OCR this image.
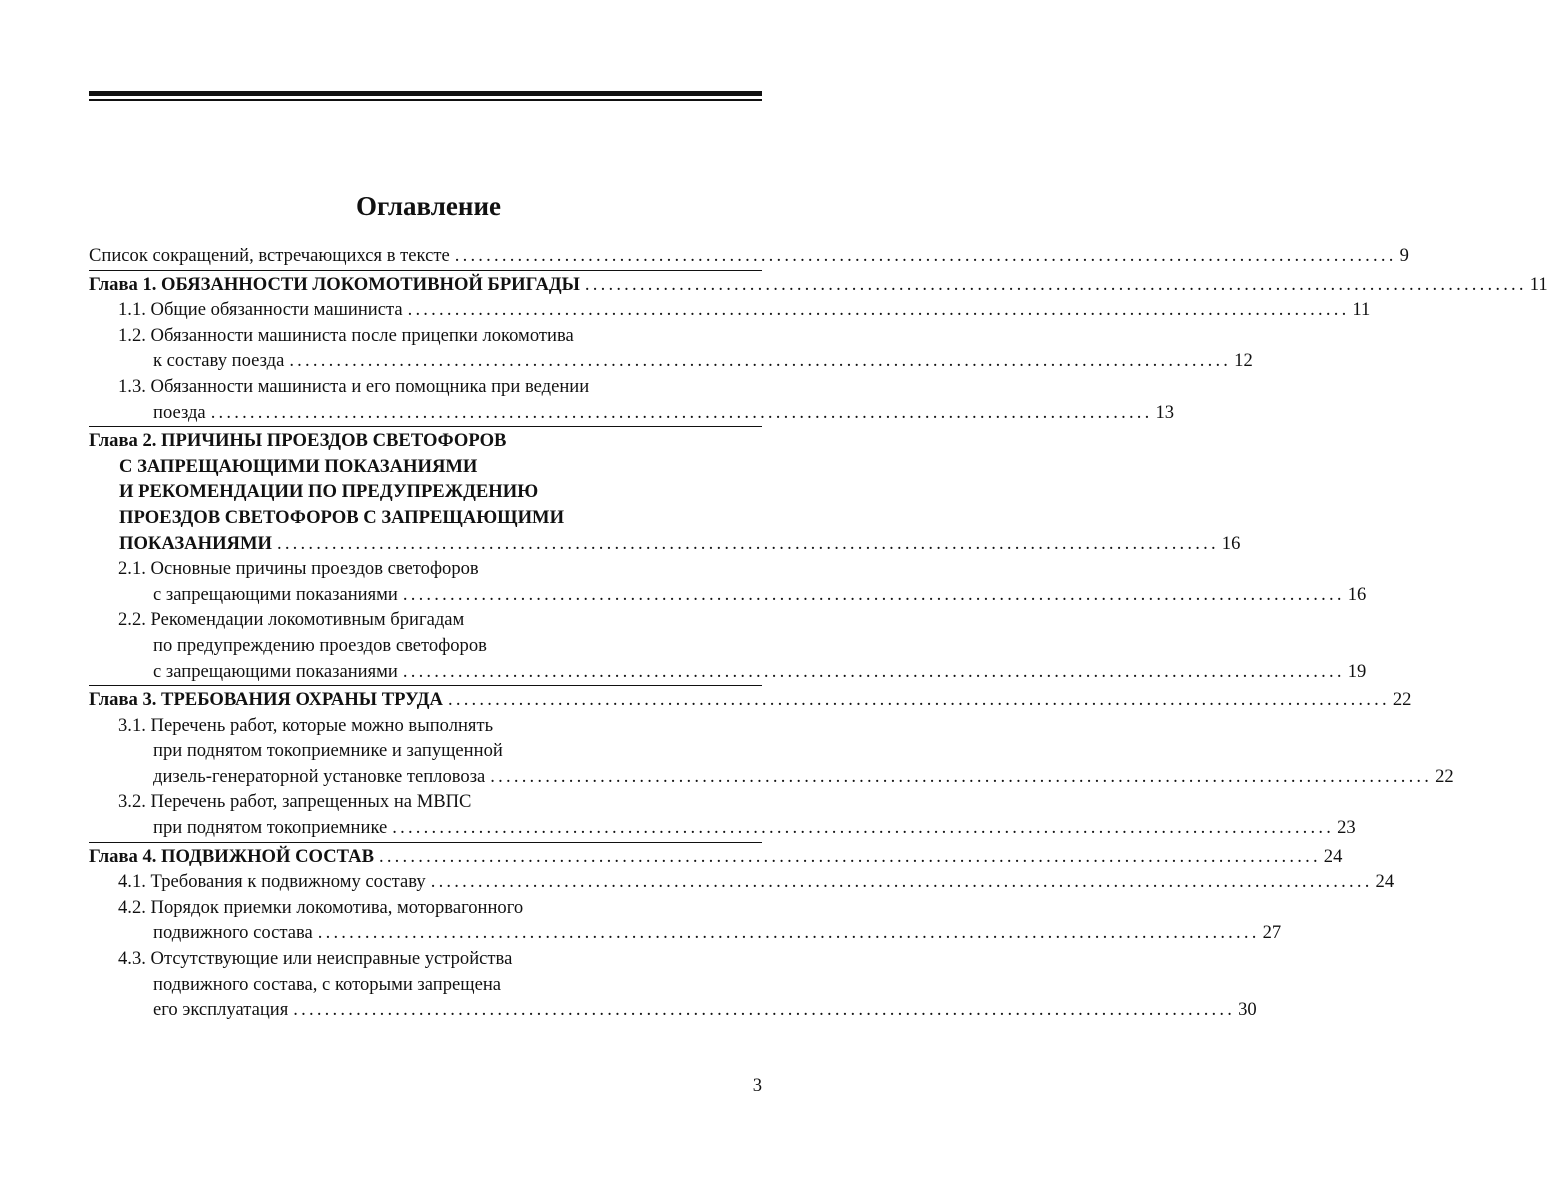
Оглавление
Список сокращений, встречающихся в тексте ........................................................................................................................ 9
Глава 1. ОБЯЗАННОСТИ ЛОКОМОТИВНОЙ БРИГАДЫ ........................................................................................................................ 11
1.1. Общие обязанности машиниста ........................................................................................................................ 11
1.2. Обязанности машиниста после прицепки локомотива
к составу поезда ........................................................................................................................ 12
1.3. Обязанности машиниста и его помощника при ведении
поезда ........................................................................................................................ 13
Глава 2. ПРИЧИНЫ ПРОЕЗДОВ СВЕТОФОРОВ
С ЗАПРЕЩАЮЩИМИ ПОКАЗАНИЯМИ
И РЕКОМЕНДАЦИИ ПО ПРЕДУПРЕЖДЕНИЮ
ПРОЕЗДОВ СВЕТОФОРОВ С ЗАПРЕЩАЮЩИМИ
ПОКАЗАНИЯМИ ........................................................................................................................ 16
2.1. Основные причины проездов светофоров
с запрещающими показаниями ........................................................................................................................ 16
2.2. Рекомендации локомотивным бригадам
по предупреждению проездов светофоров
с запрещающими показаниями ........................................................................................................................ 19
Глава 3. ТРЕБОВАНИЯ ОХРАНЫ ТРУДА ........................................................................................................................ 22
3.1. Перечень работ, которые можно выполнять
при поднятом токоприемнике и запущенной
дизель-генераторной установке тепловоза ........................................................................................................................ 22
3.2. Перечень работ, запрещенных на МВПС
при поднятом токоприемнике ........................................................................................................................ 23
Глава 4. ПОДВИЖНОЙ СОСТАВ ........................................................................................................................ 24
4.1. Требования к подвижному составу ........................................................................................................................ 24
4.2. Порядок приемки локомотива, моторвагонного
подвижного состава ........................................................................................................................ 27
4.3. Отсутствующие или неисправные устройства
подвижного состава, с которыми запрещена
его эксплуатация ........................................................................................................................ 30
3
